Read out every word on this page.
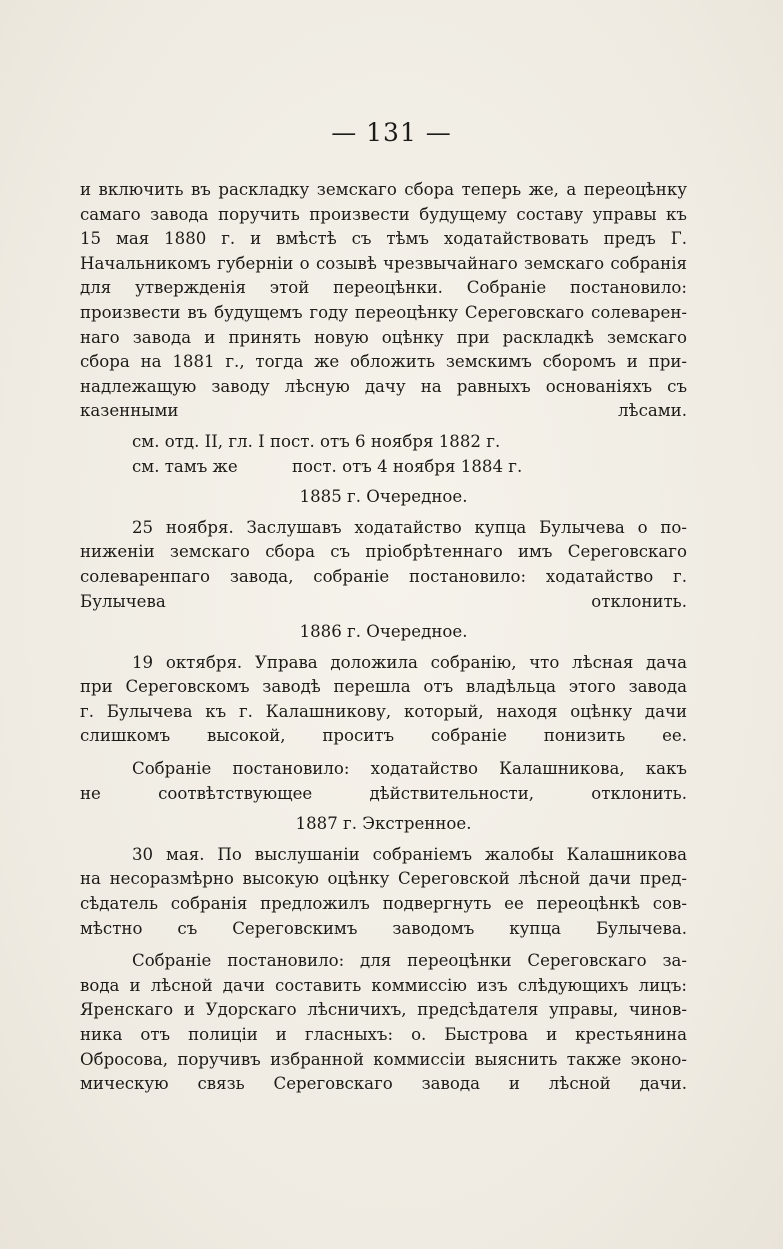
— 131 —
и включить въ раскладку земскаго сбора теперь же, а переоцѣнку
самаго завода поручить произвести будущему составу управы къ
15 мая 1880 г. и вмѣстѣ съ тѣмъ ходатайствовать предъ Г.
Начальникомъ губерніи о созывѣ чрезвычайнаго земскаго собранія
для утвержденія этой переоцѣнки. Собраніе постановило:
произвести въ будущемъ году переоцѣнку Сереговскаго солеварен-
наго завода и принять новую оцѣнку при раскладкѣ земскаго
сбора на 1881 г., тогда же обложить земскимъ сборомъ и при-
надлежащую заводу лѣсную дачу на равныхъ основаніяхъ съ
казенными лѣсами.
см. отд. II, гл. I пост. отъ 6 ноября 1882 г.
см. тамъ же	пост. отъ 4 ноября 1884 г.
1885 г. Очередное.
25 ноября. Заслушавъ ходатайство купца Булычева о по-
ниженіи земскаго сбора съ пріобрѣтеннаго имъ Сереговскаго
солеваренпаго завода, собраніе постановило: ходатайство г.
Булычева отклонить.
1886 г. Очередное.
19 октября. Управа доложила собранію, что лѣсная дача
при Сереговскомъ заводѣ перешла отъ владѣльца этого завода
г. Булычева къ г. Калашникову, который, находя оцѣнку дачи
слишкомъ высокой, проситъ собраніе понизить ее.
Собраніе постановило: ходатайство Калашникова, какъ
не соотвѣтствующее дѣйствительности, отклонить.
1887 г. Экстренное.
30 мая. По выслушаніи собраніемъ жалобы Калашникова
на несоразмѣрно высокую оцѣнку Сереговской лѣсной дачи пред-
сѣдатель собранія предложилъ подвергнуть ее переоцѣнкѣ сов-
мѣстно съ Сереговскимъ заводомъ купца Булычева.
Собраніе постановило: для переоцѣнки Сереговскаго за-
вода и лѣсной дачи составить коммиссію изъ слѣдующихъ лицъ:
Яренскаго и Удорскаго лѣсничихъ, предсѣдателя управы, чинов-
ника отъ полиціи и гласныхъ: о. Быстрова и крестьянина
Обросова, поручивъ избранной коммиссіи выяснить также эконо-
мическую связь Сереговскаго завода и лѣсной дачи.
